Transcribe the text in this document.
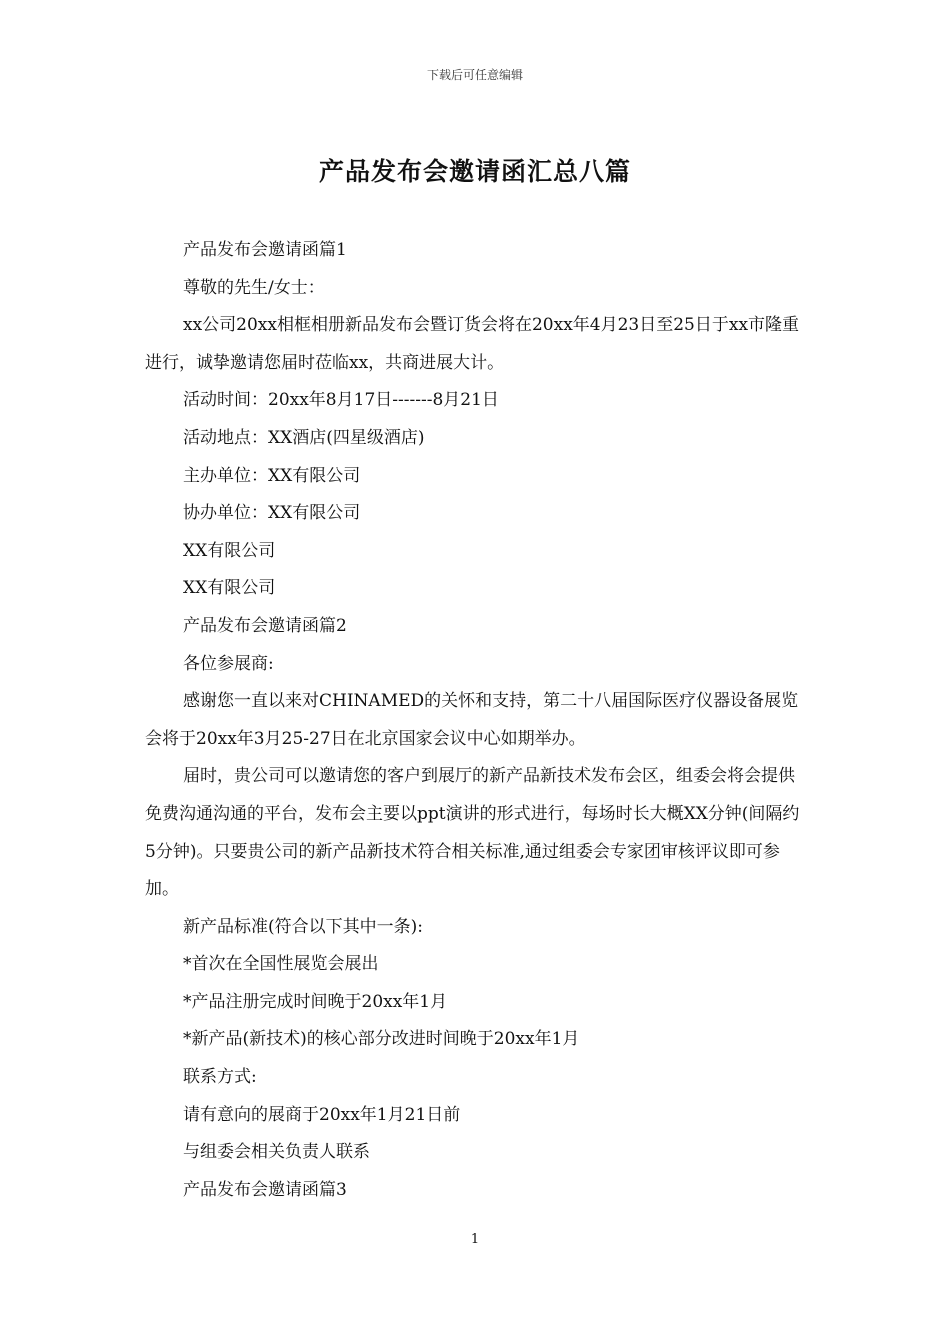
下载后可任意编辑
产品发布会邀请函汇总八篇

产品发布会邀请函篇1

尊敬的先生/女士：

xx公司20xx相框相册新品发布会暨订货会将在20xx年4月23日至25日于xx市隆重进行，诚挚邀请您届时莅临xx，共商进展大计。

活动时间：20xx年8月17日-------8月21日

活动地点：XX酒店(四星级酒店)

主办单位：XX有限公司

协办单位：XX有限公司

XX有限公司

XX有限公司

产品发布会邀请函篇2

各位参展商:

感谢您一直以来对CHINAMED的关怀和支持，第二十八届国际医疗仪器设备展览会将于20xx年3月25-27日在北京国家会议中心如期举办。

届时，贵公司可以邀请您的客户到展厅的新产品新技术发布会区，组委会将会提供免费沟通沟通的平台，发布会主要以ppt演讲的形式进行，每场时长大概XX分钟(间隔约5分钟)。只要贵公司的新产品新技术符合相关标准,通过组委会专家团审核评议即可参加。

新产品标准(符合以下其中一条):

*首次在全国性展览会展出

*产品注册完成时间晚于20xx年1月

*新产品(新技术)的核心部分改进时间晚于20xx年1月

联系方式:

请有意向的展商于20xx年1月21日前

与组委会相关负责人联系

产品发布会邀请函篇3

1
